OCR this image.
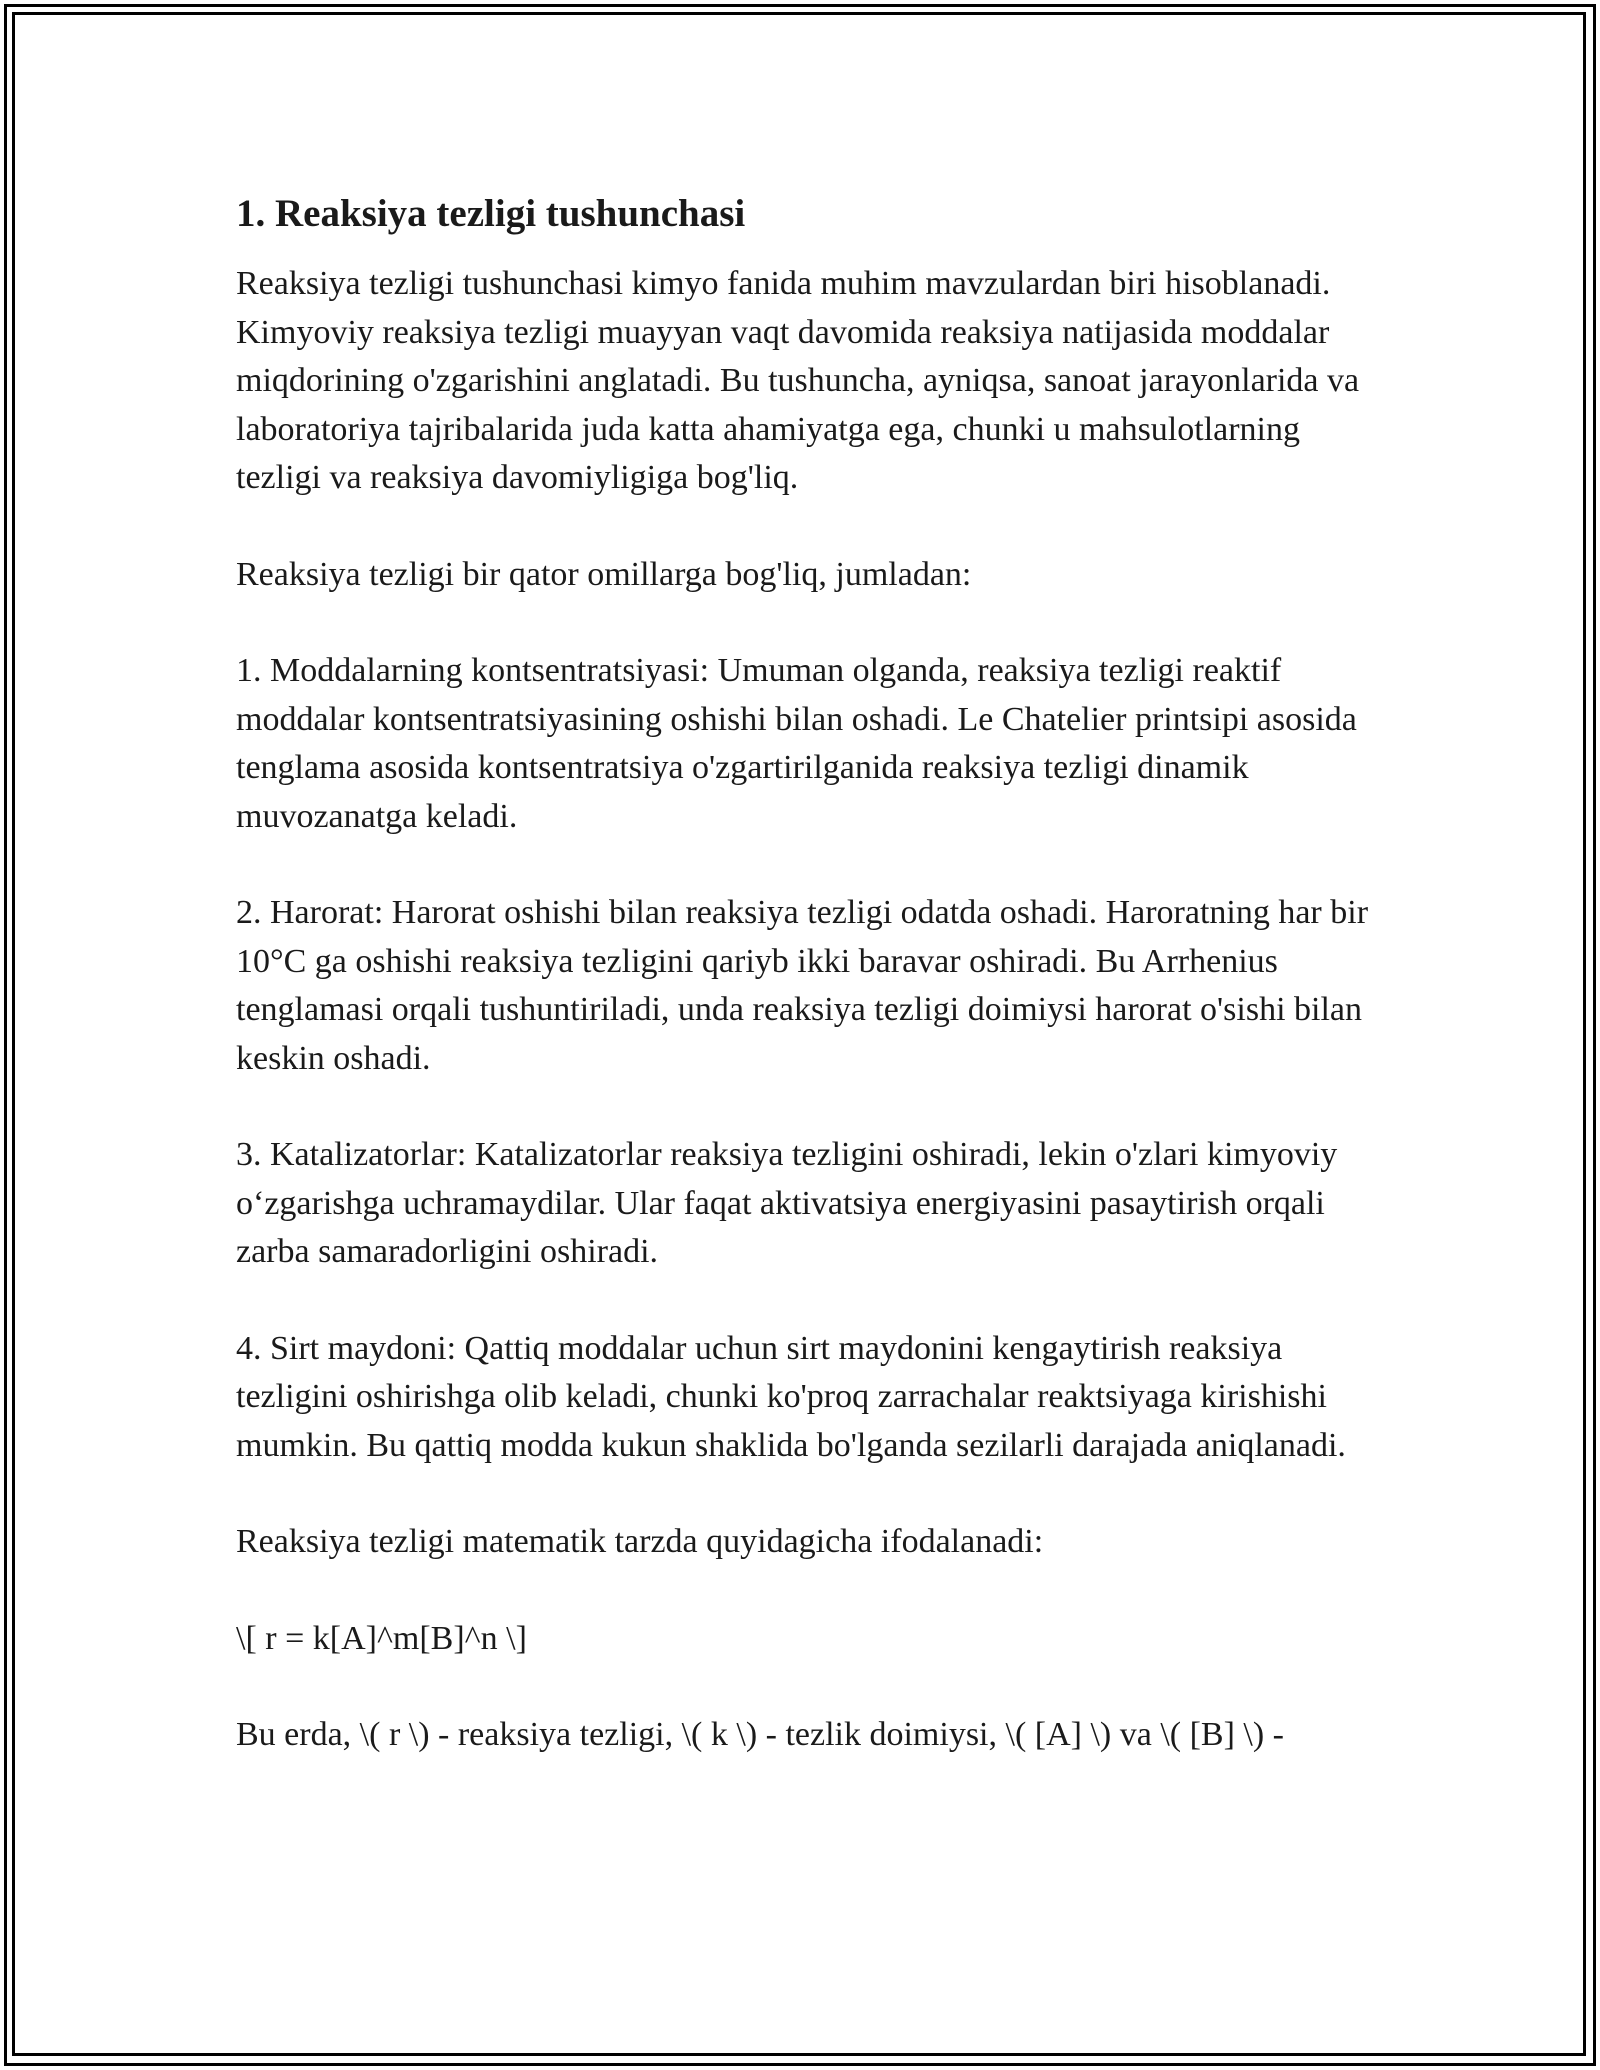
1. Reaksiya tezligi tushunchasi

Reaksiya tezligi tushunchasi kimyo fanida muhim mavzulardan biri hisoblanadi. Kimyoviy reaksiya tezligi muayyan vaqt davomida reaksiya natijasida moddalar miqdorining o'zgarishini anglatadi. Bu tushuncha, ayniqsa, sanoat jarayonlarida va laboratoriya tajribalarida juda katta ahamiyatga ega, chunki u mahsulotlarning tezligi va reaksiya davomiyligiga bog'liq.

Reaksiya tezligi bir qator omillarga bog'liq, jumladan:

1. Moddalarning kontsentratsiyasi: Umuman olganda, reaksiya tezligi reaktif moddalar kontsentratsiyasining oshishi bilan oshadi. Le Chatelier printsipi asosida tenglama asosida kontsentratsiya o'zgartirilganida reaksiya tezligi dinamik muvozanatga keladi.

2. Harorat: Harorat oshishi bilan reaksiya tezligi odatda oshadi. Haroratning har bir 10°C ga oshishi reaksiya tezligini qariyb ikki baravar oshiradi. Bu Arrhenius tenglamasi orqali tushuntiriladi, unda reaksiya tezligi doimiysi harorat o'sishi bilan keskin oshadi.

3. Katalizatorlar: Katalizatorlar reaksiya tezligini oshiradi, lekin o'zlari kimyoviy o‘zgarishga uchramaydilar. Ular faqat aktivatsiya energiyasini pasaytirish orqali zarba samaradorligini oshiradi.

4. Sirt maydoni: Qattiq moddalar uchun sirt maydonini kengaytirish reaksiya tezligini oshirishga olib keladi, chunki ko'proq zarrachalar reaktsiyaga kirishishi mumkin. Bu qattiq modda kukun shaklida bo'lganda sezilarli darajada aniqlanadi.

Reaksiya tezligi matematik tarzda quyidagicha ifodalanadi:

\[ r = k[A]^m[B]^n \]

Bu erda, \( r \) - reaksiya tezligi, \( k \) - tezlik doimiysi, \( [A] \) va \( [B] \) -
